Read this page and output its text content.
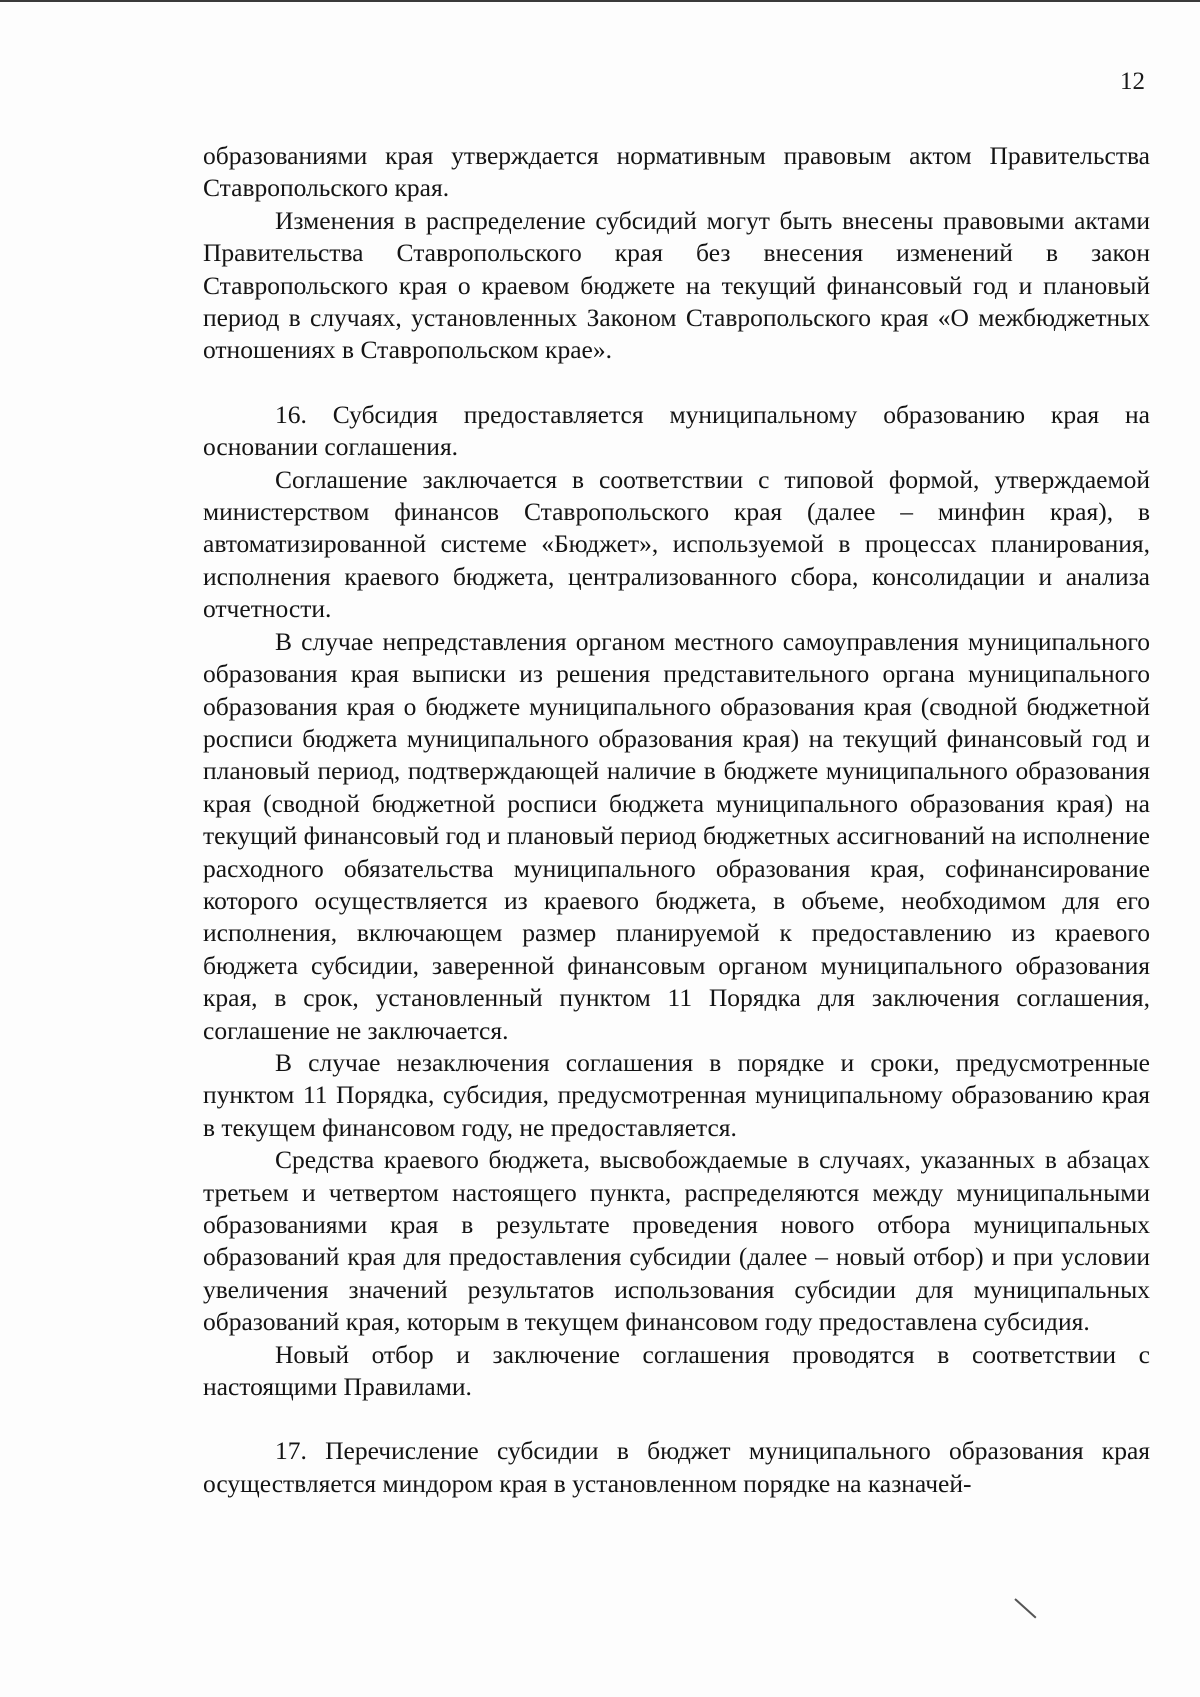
12

образованиями края утверждается нормативным правовым актом Правительства Ставропольского края.

Изменения в распределение субсидий могут быть внесены правовыми актами Правительства Ставропольского края без внесения изменений в закон Ставропольского края о краевом бюджете на текущий финансовый год и плановый период в случаях, установленных Законом Ставропольского края «О межбюджетных отношениях в Ставропольском крае».

16. Субсидия предоставляется муниципальному образованию края на основании соглашения.

Соглашение заключается в соответствии с типовой формой, утверждаемой министерством финансов Ставропольского края (далее – минфин края), в автоматизированной системе «Бюджет», используемой в процессах планирования, исполнения краевого бюджета, централизованного сбора, консолидации и анализа отчетности.

В случае непредставления органом местного самоуправления муниципального образования края выписки из решения представительного органа муниципального образования края о бюджете муниципального образования края (сводной бюджетной росписи бюджета муниципального образования края) на текущий финансовый год и плановый период, подтверждающей наличие в бюджете муниципального образования края (сводной бюджетной росписи бюджета муниципального образования края) на текущий финансовый год и плановый период бюджетных ассигнований на исполнение расходного обязательства муниципального образования края, софинансирование которого осуществляется из краевого бюджета, в объеме, необходимом для его исполнения, включающем размер планируемой к предоставлению из краевого бюджета субсидии, заверенной финансовым органом муниципального образования края, в срок, установленный пунктом 11 Порядка для заключения соглашения, соглашение не заключается.

В случае незаключения соглашения в порядке и сроки, предусмотренные пунктом 11 Порядка, субсидия, предусмотренная муниципальному образованию края в текущем финансовом году, не предоставляется.

Средства краевого бюджета, высвобождаемые в случаях, указанных в абзацах третьем и четвертом настоящего пункта, распределяются между муниципальными образованиями края в результате проведения нового отбора муниципальных образований края для предоставления субсидии (далее – новый отбор) и при условии увеличения значений результатов использования субсидии для муниципальных образований края, которым в текущем финансовом году предоставлена субсидия.

Новый отбор и заключение соглашения проводятся в соответствии с настоящими Правилами.

17. Перечисление субсидии в бюджет муниципального образования края осуществляется миндором края в установленном порядке на казначей-
